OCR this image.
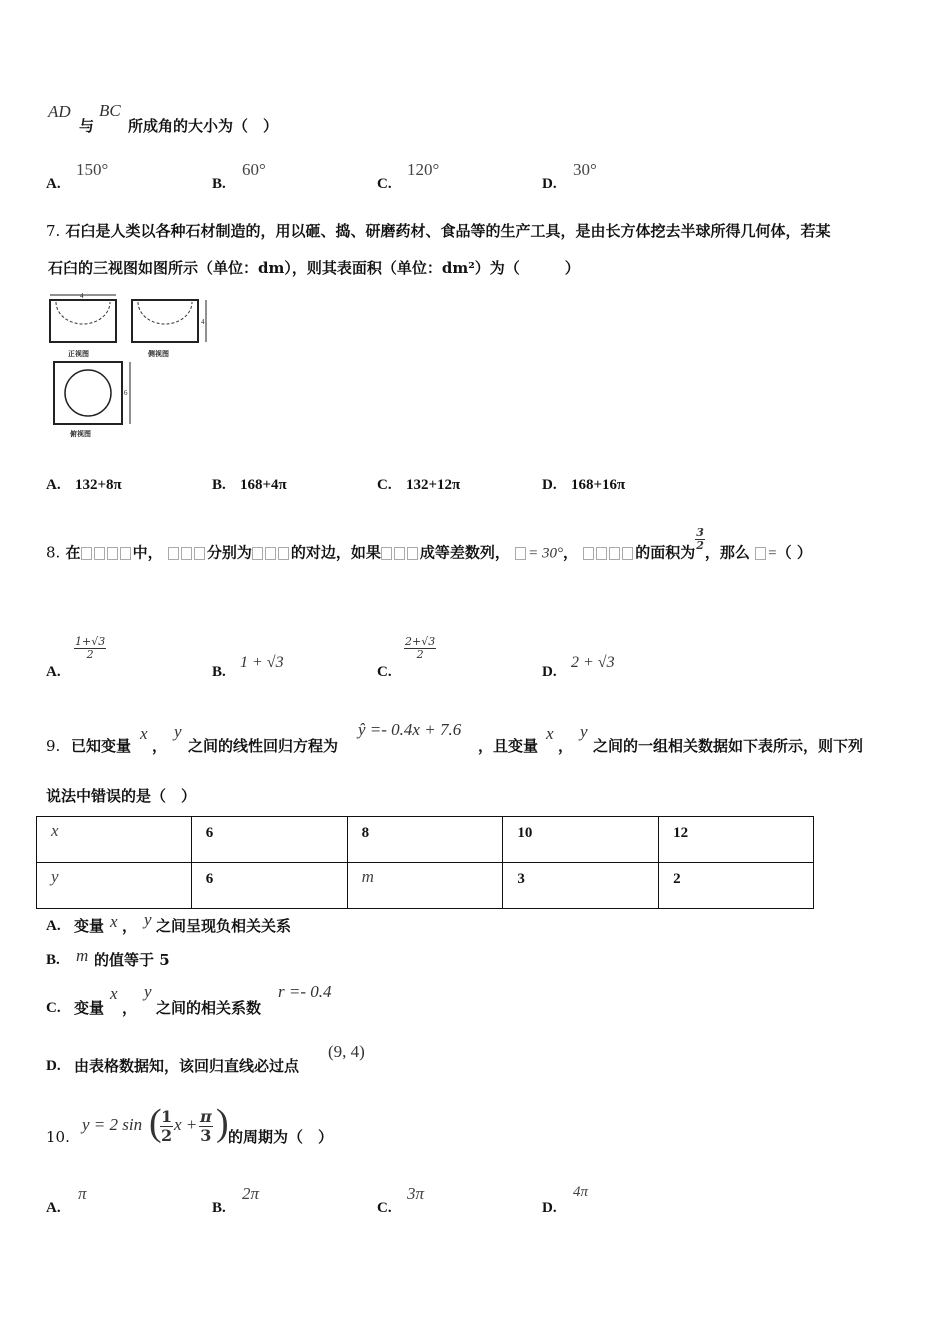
AD
与
BC
所成角的大小为（　）
A.
150°
B.
60°
C.
120°
D.
30°
7. 石臼是人类以各种石材制造的，用以砸、捣、研磨药材、食品等的生产工具，是由长方体挖去半球所得几何体，若某
石臼的三视图如图所示（单位：dm），则其表面积（单位：dm²）为（　　　）
4
正视图
4
侧视图
6
俯视图
A. 132+8π	B. 168+4π	C. 132+12π	D. 168+16π
8. 在	中，	分别为	的对边，如果	成等差数列， = 30°，	的面积为
$\frac{3}{2}$
，那么 =（ ）
A.
$\frac{1+√3}{2}$
B.
1 + √3
C.
$\frac{2+√3}{2}$
D.
2 + √3
9. 已知变量
x
，
y
之间的线性回归方程为
ŷ =- 0.4x + 7.6
，且变量
x
，
y
之间的一组相关数据如下表所示，则下列
说法中错误的是（　）
x	6	8	10	12
y	6	m	3	2
A. 变量 x ， y 之间呈现负相关关系
B. m 的值等于 5
C. 变量
x
，
y
之间的相关系数
r =- 0.4
D. 由表格数据知，该回归直线必过点
(9, 4)
10.
y = 2 sin (
$\frac{1}{2}$ $x + \frac{\pi}{3}$ ) 的周期为（　）
A.
π
B.
2π
C.
3π
D.
4π
